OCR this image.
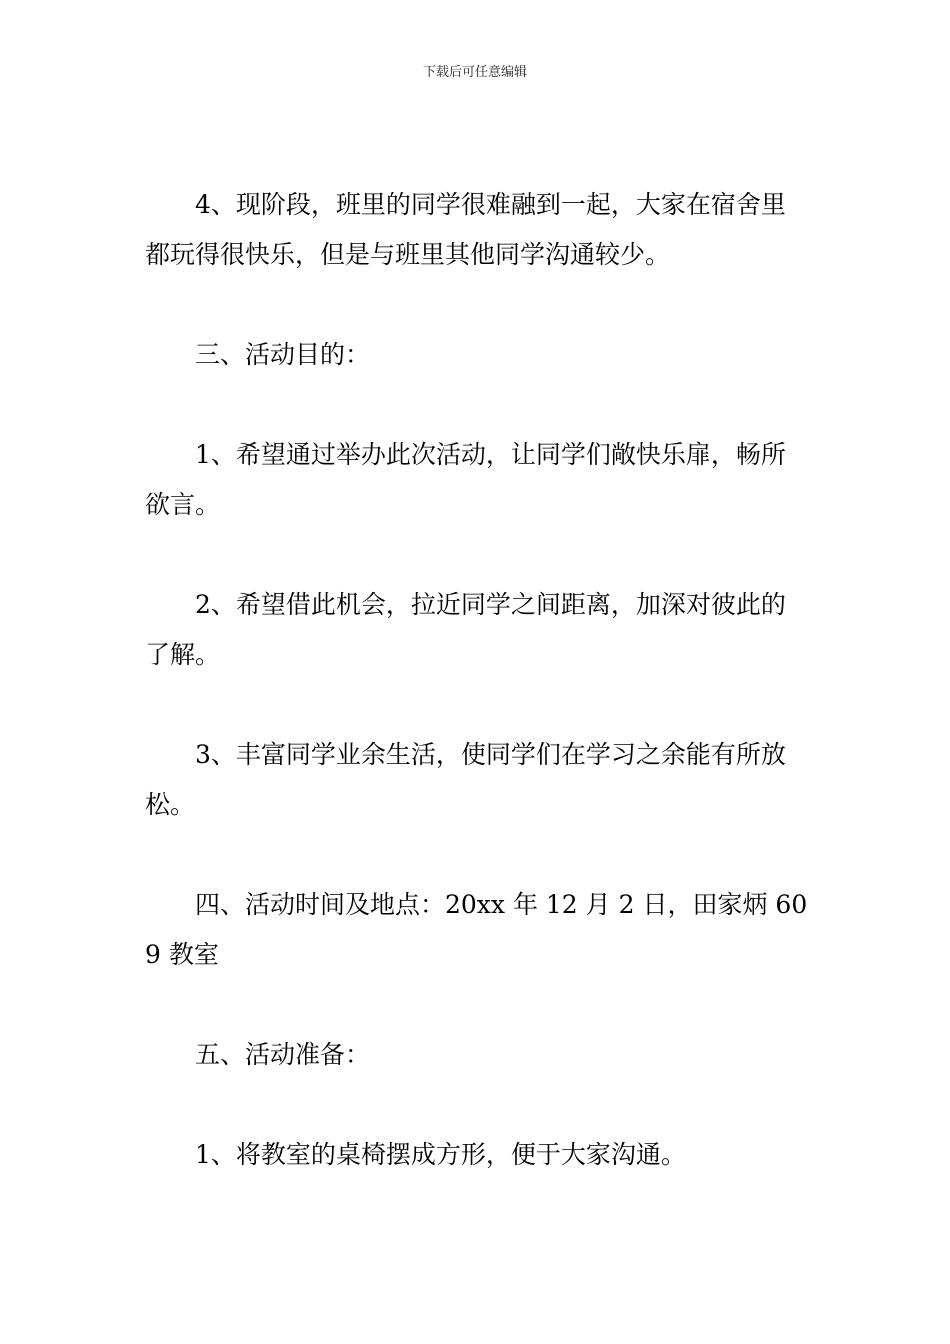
下载后可任意编辑

4、现阶段，班里的同学很难融到一起，大家在宿舍里都玩得很快乐，但是与班里其他同学沟通较少。

三、活动目的：

1、希望通过举办此次活动，让同学们敞快乐扉，畅所欲言。

2、希望借此机会，拉近同学之间距离，加深对彼此的了解。

3、丰富同学业余生活，使同学们在学习之余能有所放松。

四、活动时间及地点：20xx 年 12 月 2 日，田家炳 609 教室

五、活动准备：

1、将教室的桌椅摆成方形，便于大家沟通。
